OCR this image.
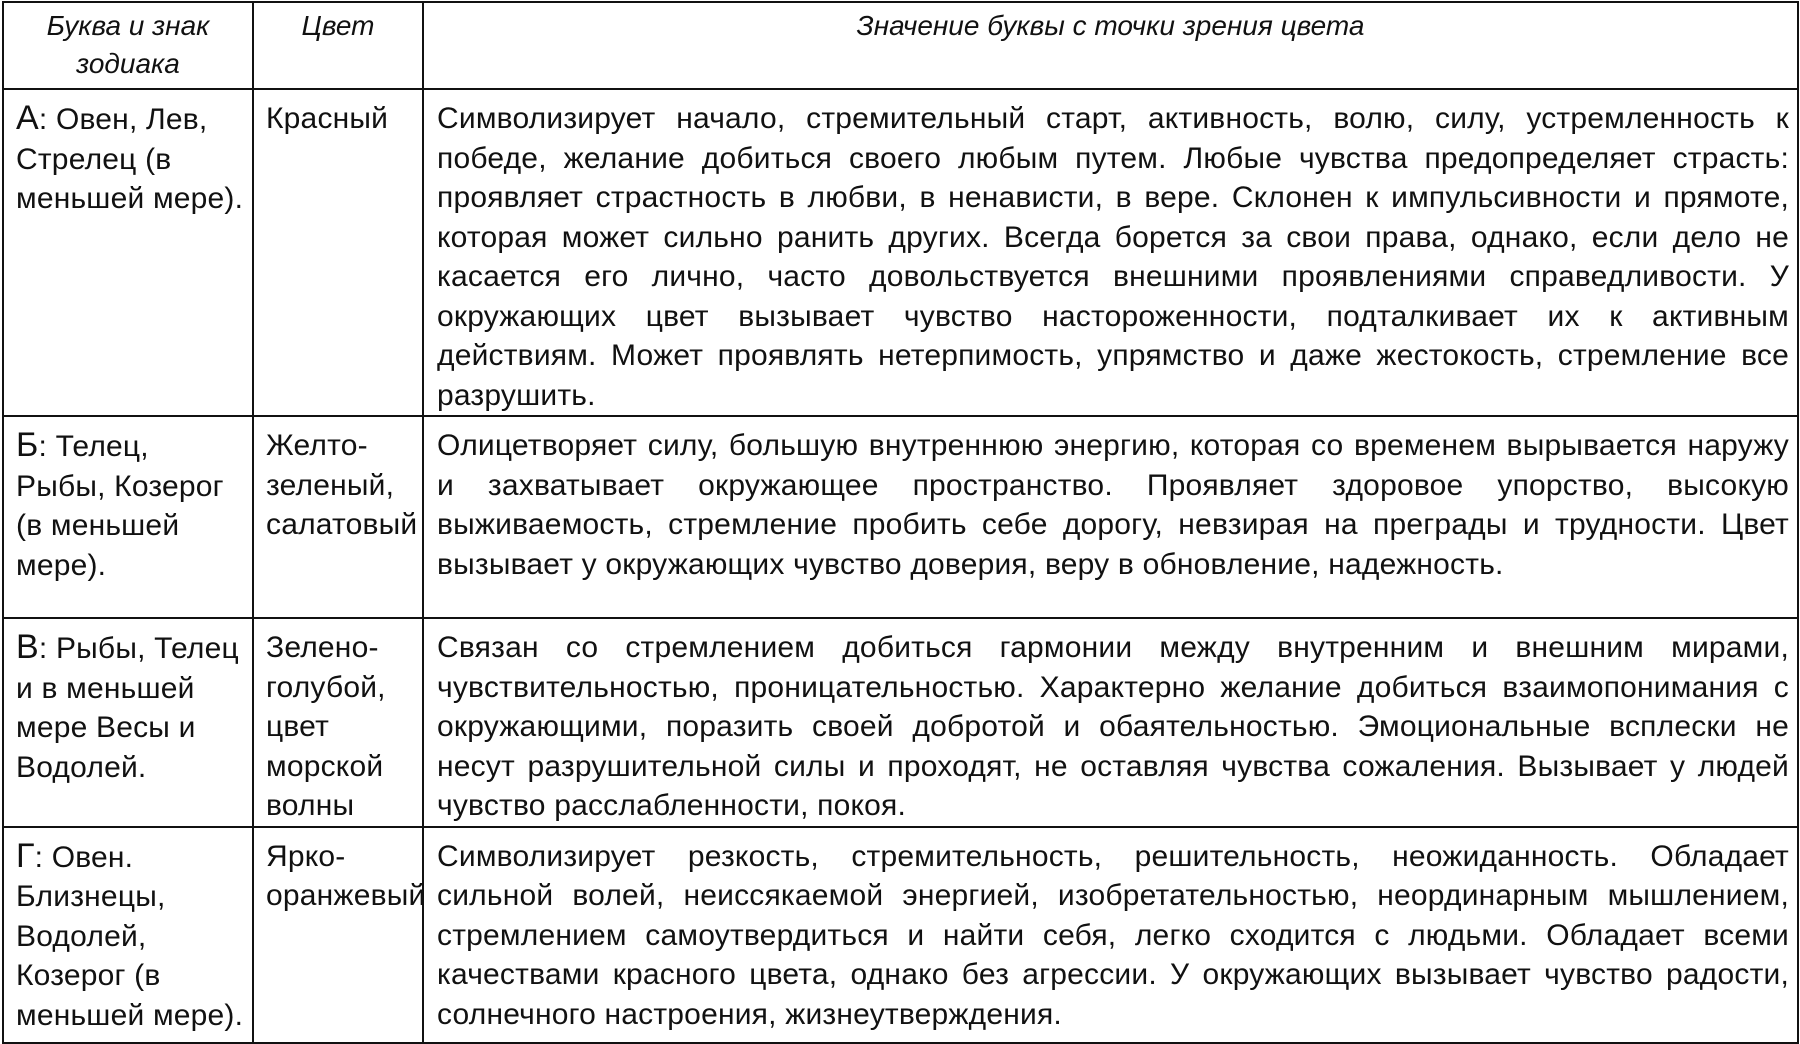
Буква и знак зодиака	Цвет	Значение буквы с точки зрения цвета
А: Овен, Лев, Стрелец (в меньшей мере).	Красный	Символизирует начало, стремительный старт, активность, волю, силу, устремленность к победе, желание добиться своего любым путем. Любые чувства предопределяет страсть: проявляет страстность в любви, в ненависти, в вере. Склонен к импульсивности и прямоте, которая может сильно ранить других. Всегда борется за свои права, однако, если дело не касается его лично, часто довольствуется внешними проявлениями справедливости. У окружающих цвет вызывает чувство настороженности, подталкивает их к активным действиям. Может проявлять нетерпимость, упрямство и даже жестокость, стремление все разрушить.
Б: Телец, Рыбы, Козерог (в меньшей мере).	Желто-зеленый, салатовый	Олицетворяет силу, большую внутреннюю энергию, которая со временем вырывается наружу и захватывает окружающее пространство. Проявляет здоровое упорство, высокую выживаемость, стремление пробить себе дорогу, невзирая на преграды и трудности. Цвет вызывает у окружающих чувство доверия, веру в обновление, надежность.
В: Рыбы, Телец и в меньшей мере Весы и Водолей.	Зелено-голубой, цвет морской волны	Связан со стремлением добиться гармонии между внутренним и внешним мирами, чувствительностью, проницательностью. Характерно желание добиться взаимопонимания с окружающими, поразить своей добротой и обаятельностью. Эмоциональные всплески не несут разрушительной силы и проходят, не оставляя чувства сожаления. Вызывает у людей чувство расслабленности, покоя.
Г: Овен. Близнецы, Водолей, Козерог (в меньшей мере).	Ярко-оранжевый	Символизирует резкость, стремительность, решительность, неожиданность. Обладает сильной волей, неиссякаемой энергией, изобретательностью, неординарным мышлением, стремлением самоутвердиться и найти себя, легко сходится с людьми. Обладает всеми качествами красного цвета, однако без агрессии. У окружающих вызывает чувство радости, солнечного настроения, жизнеутверждения.
